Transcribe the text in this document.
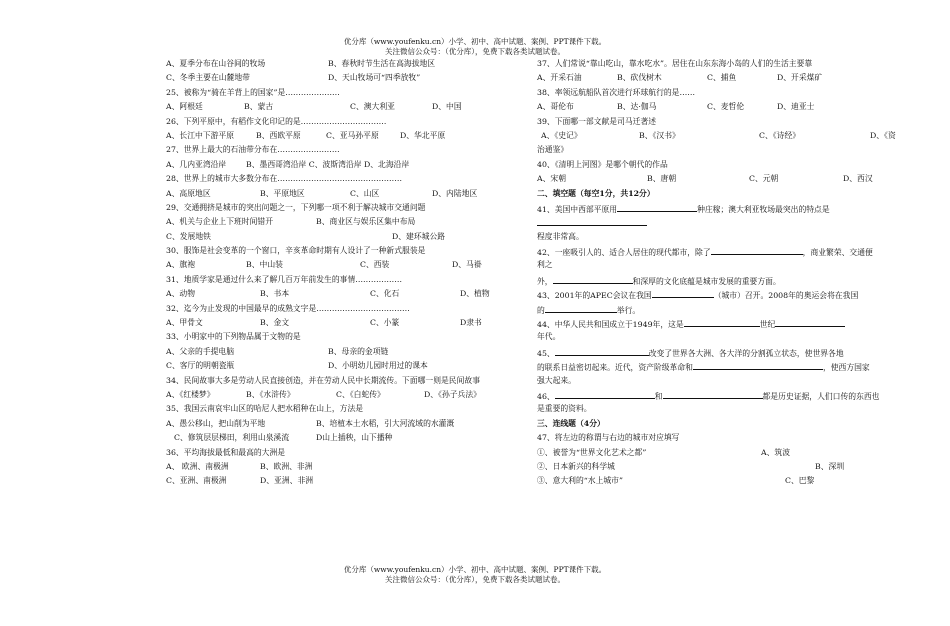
优分库（www.youfenku.cn）小学、初中、高中试题、案例、PPT课件下载。
关注微信公众号：（优分库），免费下载各类试题试卷。
A、夏季分布在山谷间的牧场	B、春秋时节生活在高海拔地区
C、冬季主要在山麓地带	D、天山牧场可“四季放牧”
25、被称为“骑在羊背上的国家”是…………………
A、阿根廷	B、蒙古	C、澳大利亚	D、中国
26、下列平原中，有稻作文化印记的是……………………………
A、长江中下游平原	B、西欧平原	C、亚马孙平原	D、华北平原
27、世界上最大的石油带分布在……………………
A、几内亚湾沿岸	B、墨西哥湾沿岸 C、波斯湾沿岸 D、北海沿岸
28、世界上的城市大多数分布在…………………………………………
A、高原地区	B、平原地区	C、山区	D、内陆地区
29、交通拥挤是城市的突出问题之一，下列哪一项不利于解决城市交通问题
A、机关与企业上下班时间错开	B、商业区与娱乐区集中布局
C、发展地铁	D、建环城公路
30、服饰是社会变革的一个窗口，辛亥革命时期有人设计了一种新式服装是
A、旗袍	B、中山装	C、西装	D、马褂
31、地质学家是通过什么来了解几百万年前发生的事情………………
A、动物	B、书本	C、化石	D、植物
32、迄今为止发现的中国最早的成熟文字是………………………………
A、甲骨文	B、金文	C、小篆	D隶书
33、小明家中的下列物品属于文物的是
A、父亲的手提电脑	B、母亲的金项链
C、客厅的明朝瓷瓶	D、小明幼儿园时用过的课本
34、民间故事大多是劳动人民直接创造，并在劳动人民中长期流传。下面哪一则是民间故事
A、《红楼梦》	B、《水浒传》	C、《白蛇传》	D、《孙子兵法》
35、我国云南哀牢山区的哈尼人把水稻种在山上，方法是
A、愚公移山，把山削为平地	B、培植本土水稻，引大河流域的水灌溉
C、修筑层层梯田，利用山泉溪流	D山上插秧，山下播种
36、平均海拔最低和最高的大洲是
A、 欧洲、南极洲	B、欧洲、非洲
C、亚洲、南极洲	D、亚洲、非洲
37、人们常说“靠山吃山，靠水吃水”。居住在山东东海小岛的人们的生活主要靠
A、开采石油	B、砍伐树木	C、捕鱼	D、开采煤矿
38、率领远航船队首次进行环球航行的是……
A、哥伦布	B、达·伽马	C、麦哲伦	D、迪亚士
39、下面哪一部文献是司马迁著述
A、《史记》	B、《汉书》	C、《诗经》	D、《资
治通鉴》
40、《清明上河图》是哪个朝代的作品
A、宋朝	B、唐朝	C、元朝	D、西汉
二、填空题（每空1分，共12分）
41、美国中西部平原用	种庄稼；澳大利亚牧场最突出的特点是
程度非常高。
42、一座吸引人的、适合人居住的现代都市，除了	，商业繁荣、交通便
利之
外，	和深厚的文化底蕴是城市发展的重要方面。
43、2001年的APEC会议在我国	（城市）召开。2008年的奥运会将在我国
的	举行。
44、中华人民共和国成立于1949年，这是	世纪
年代。
45、	改变了世界各大洲、各大洋的分割孤立状态，使世界各地
的联系日益密切起来。近代，资产阶级革命和	，使西方国家
强大起来。
46、	和	都是历史证据，人们口传的东西也
是重要的资料。
三、连线题（4分）
47、将左边的称谓与右边的城市对应填写
①、被誉为“世界文化艺术之都”	A、筑波
②、日本新兴的科学城	B、深圳
③、意大利的“水上城市”	C、巴黎
优分库（www.youfenku.cn）小学、初中、高中试题、案例、PPT课件下载。
关注微信公众号：（优分库），免费下载各类试题试卷。
